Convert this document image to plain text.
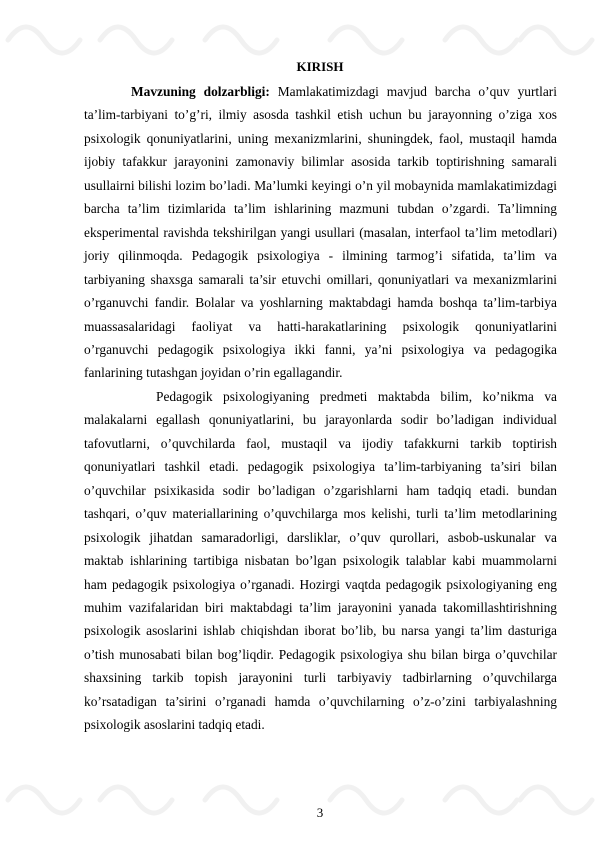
KIRISH

Mavzuning dolzarbligi: Mamlakatimizdagi mavjud barcha o’quv yurtlari ta’lim-tarbiyani to’g’ri, ilmiy asosda tashkil etish uchun bu jarayonning o’ziga xos psixologik qonuniyatlarini, uning mexanizmlarini, shuningdek, faol, mustaqil hamda ijobiy tafakkur jarayonini zamonaviy bilimlar asosida tarkib toptirishning samarali usullairni bilishi lozim bo’ladi. Ma’lumki keyingi o’n yil mobaynida mamlakatimizdagi barcha ta’lim tizimlarida ta’lim ishlarining mazmuni tubdan o’zgardi. Ta’limning eksperimental ravishda tekshirilgan yangi usullari (masalan, interfaol ta’lim metodlari) joriy qilinmoqda. Pedagogik psixologiya - ilmining tarmog’i sifatida, ta’lim va tarbiyaning shaxsga samarali ta’sir etuvchi omillari, qonuniyatlari va mexanizmlarini o’rganuvchi fandir. Bolalar va yoshlarning maktabdagi hamda boshqa ta’lim-tarbiya muassasalaridagi faoliyat va hatti-harakatlarining psixologik qonuniyatlarini o’rganuvchi pedagogik psixologiya ikki fanni, ya’ni psixologiya va pedagogika fanlarining tutashgan joyidan o’rin egallagandir.

Pedagogik psixologiyaning predmeti maktabda bilim, ko’nikma va malakalarni egallash qonuniyatlarini, bu jarayonlarda sodir bo’ladigan individual tafovutlarni, o’quvchilarda faol, mustaqil va ijodiy tafakkurni tarkib toptirish qonuniyatlari tashkil etadi. pedagogik psixologiya ta’lim-tarbiyaning ta’siri bilan o’quvchilar psixikasida sodir bo’ladigan o’zgarishlarni ham tadqiq etadi. bundan tashqari, o’quv materiallarining o’quvchilarga mos kelishi, turli ta’lim metodlarining psixologik jihatdan samaradorligi, darsliklar, o’quv qurollari, asbob-uskunalar va maktab ishlarining tartibiga nisbatan bo’lgan psixologik talablar kabi muammolarni ham pedagogik psixologiya o’rganadi. Hozirgi vaqtda pedagogik psixologiyaning eng muhim vazifalaridan biri maktabdagi ta’lim jarayonini yanada takomillashtirishning psixologik asoslarini ishlab chiqishdan iborat bo’lib, bu narsa yangi ta’lim dasturiga o’tish munosabati bilan bog’liqdir. Pedagogik psixologiya shu bilan birga o’quvchilar shaxsining tarkib topish jarayonini turli tarbiyaviy tadbirlarning o’quvchilarga ko’rsatadigan ta’sirini o’rganadi hamda o’quvchilarning o’z-o’zini tarbiyalashning psixologik asoslarini tadqiq etadi.

3
